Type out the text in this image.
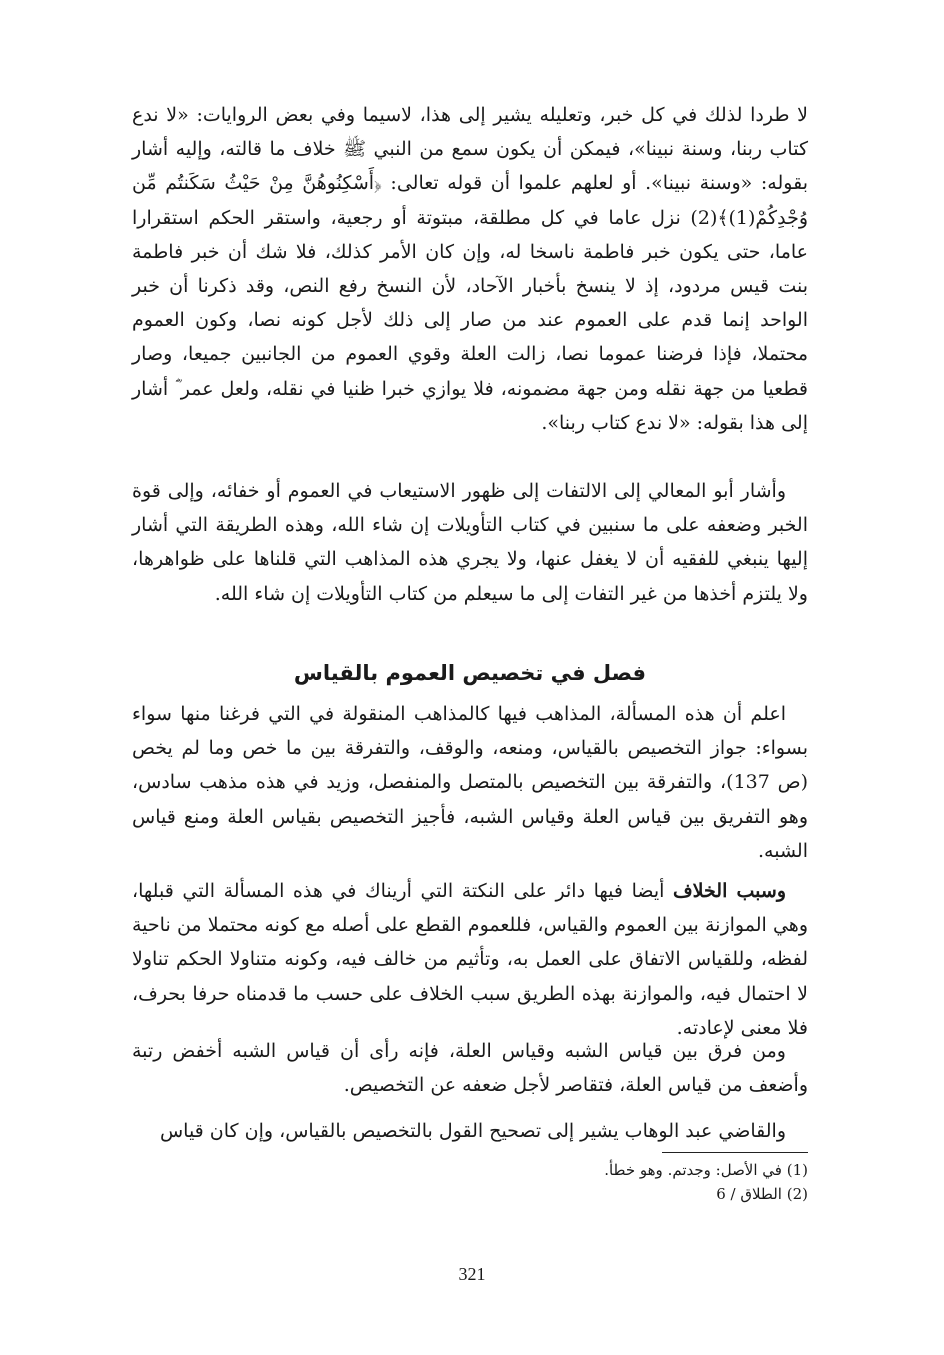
لا طردا لذلك في كل خبر، وتعليله يشير إلى هذا، لاسيما وفي بعض الروايات: «لا ندع كتاب ربنا، وسنة نبينا»، فيمكن أن يكون سمع من النبي ﷺ خلاف ما قالته، وإليه أشار بقوله: «وسنة نبينا». أو لعلهم علموا أن قوله تعالى: ﴿أَسْكِنُوهُنَّ مِنْ حَيْثُ سَكَنتُم مِّن وُجْدِكُمْ(1)﴾(2) نزل عاما في كل مطلقة، مبتوتة أو رجعية، واستقر الحكم استقرارا عاما، حتى يكون خبر فاطمة ناسخا له، وإن كان الأمر كذلك، فلا شك أن خبر فاطمة بنت قيس مردود، إذ لا ينسخ بأخبار الآحاد، لأن النسخ رفع النص، وقد ذكرنا أن خبر الواحد إنما قدم على العموم عند من صار إلى ذلك لأجل كونه نصا، وكون العموم محتملا، فإذا فرضنا عموما نصا، زالت العلة وقوي العموم من الجانبين جميعا، وصار قطعيا من جهة نقله ومن جهة مضمونه، فلا يوازي خبرا ظنيا في نقله، ولعل عمر ؓ أشار إلى هذا بقوله: «لا ندع كتاب ربنا».

وأشار أبو المعالي إلى الالتفات إلى ظهور الاستيعاب في العموم أو خفائه، وإلى قوة الخبر وضعفه على ما سنبين في كتاب التأويلات إن شاء الله، وهذه الطريقة التي أشار إليها ينبغي للفقيه أن لا يغفل عنها، ولا يجري هذه المذاهب التي قلناها على ظواهرها، ولا يلتزم أخذها من غير التفات إلى ما سيعلم من كتاب التأويلات إن شاء الله.

فصل في تخصيص العموم بالقياس

اعلم أن هذه المسألة، المذاهب فيها كالمذاهب المنقولة في التي فرغنا منها سواء بسواء: جواز التخصيص بالقياس، ومنعه، والوقف، والتفرقة بين ما خص وما لم يخص (ص 137)، والتفرقة بين التخصيص بالمتصل والمنفصل، وزيد في هذه مذهب سادس، وهو التفريق بين قياس العلة وقياس الشبه، فأجيز التخصيص بقياس العلة ومنع قياس الشبه.

وسبب الخلاف أيضا فيها دائر على النكتة التي أريناك في هذه المسألة التي قبلها، وهي الموازنة بين العموم والقياس، فللعموم القطع على أصله مع كونه محتملا من ناحية لفظه، وللقياس الاتفاق على العمل به، وتأثيم من خالف فيه، وكونه متناولا الحكم تناولا لا احتمال فيه، والموازنة بهذه الطريق سبب الخلاف على حسب ما قدمناه حرفا بحرف، فلا معنى لإعادته.

ومن فرق بين قياس الشبه وقياس العلة، فإنه رأى أن قياس الشبه أخفض رتبة وأضعف من قياس العلة، فتقاصر لأجل ضعفه عن التخصيص.

والقاضي عبد الوهاب يشير إلى تصحيح القول بالتخصيص بالقياس، وإن كان قياس

(1) في الأصل: وجدتم. وهو خطأ.

(2) الطلاق / 6

321
